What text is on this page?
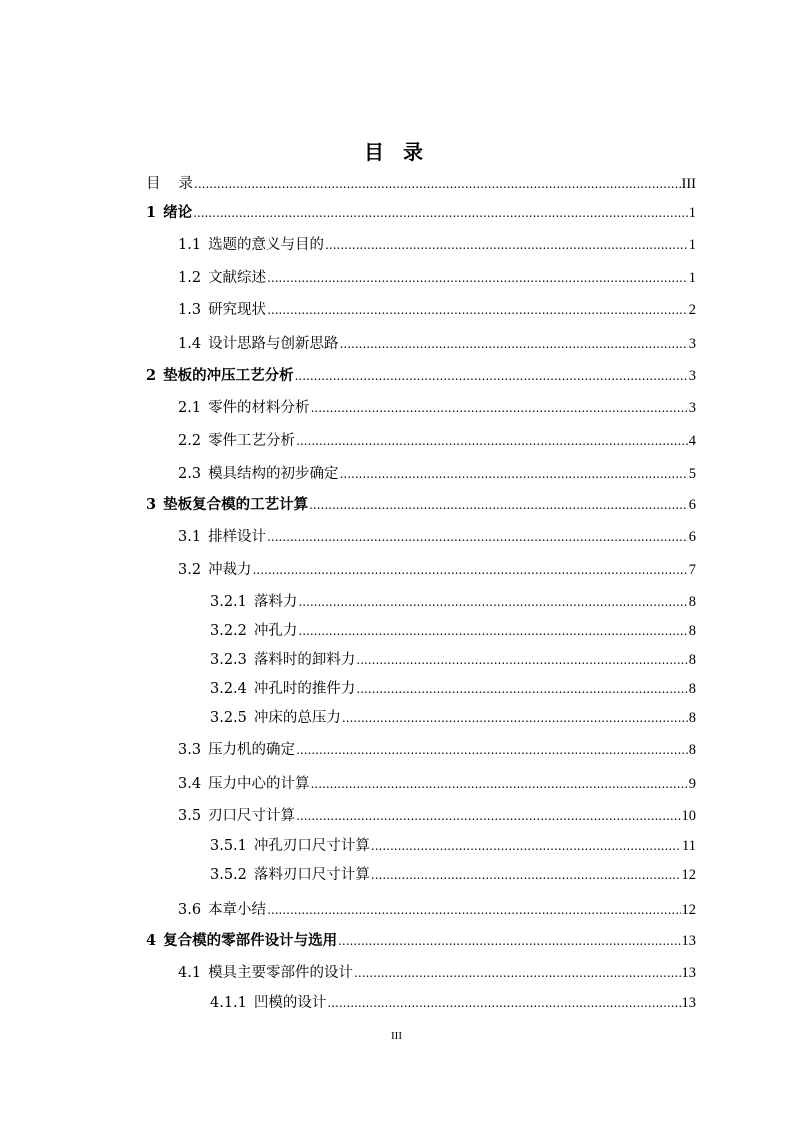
目 录
目 录 .....	III
1 绪论 .....	1
1.1 选题的意义与目的 .....	1
1.2 文献综述 .....	1
1.3 研究现状 .....	2
1.4 设计思路与创新思路 .....	3
2 垫板的冲压工艺分析 .....	3
2.1 零件的材料分析 .....	3
2.2 零件工艺分析 .....	4
2.3 模具结构的初步确定 .....	5
3 垫板复合模的工艺计算 .....	6
3.1 排样设计 .....	6
3.2 冲裁力 .....	7
3.2.1 落料力 .....	8
3.2.2 冲孔力 .....	8
3.2.3 落料时的卸料力 .....	8
3.2.4 冲孔时的推件力 .....	8
3.2.5 冲床的总压力 .....	8
3.3 压力机的确定 .....	8
3.4 压力中心的计算 .....	9
3.5 刃口尺寸计算 .....	10
3.5.1 冲孔刃口尺寸计算 .....	11
3.5.2 落料刃口尺寸计算 .....	12
3.6 本章小结 .....	12
4 复合模的零部件设计与选用 .....	13
4.1 模具主要零部件的设计 .....	13
4.1.1 凹模的设计 .....	13
III
